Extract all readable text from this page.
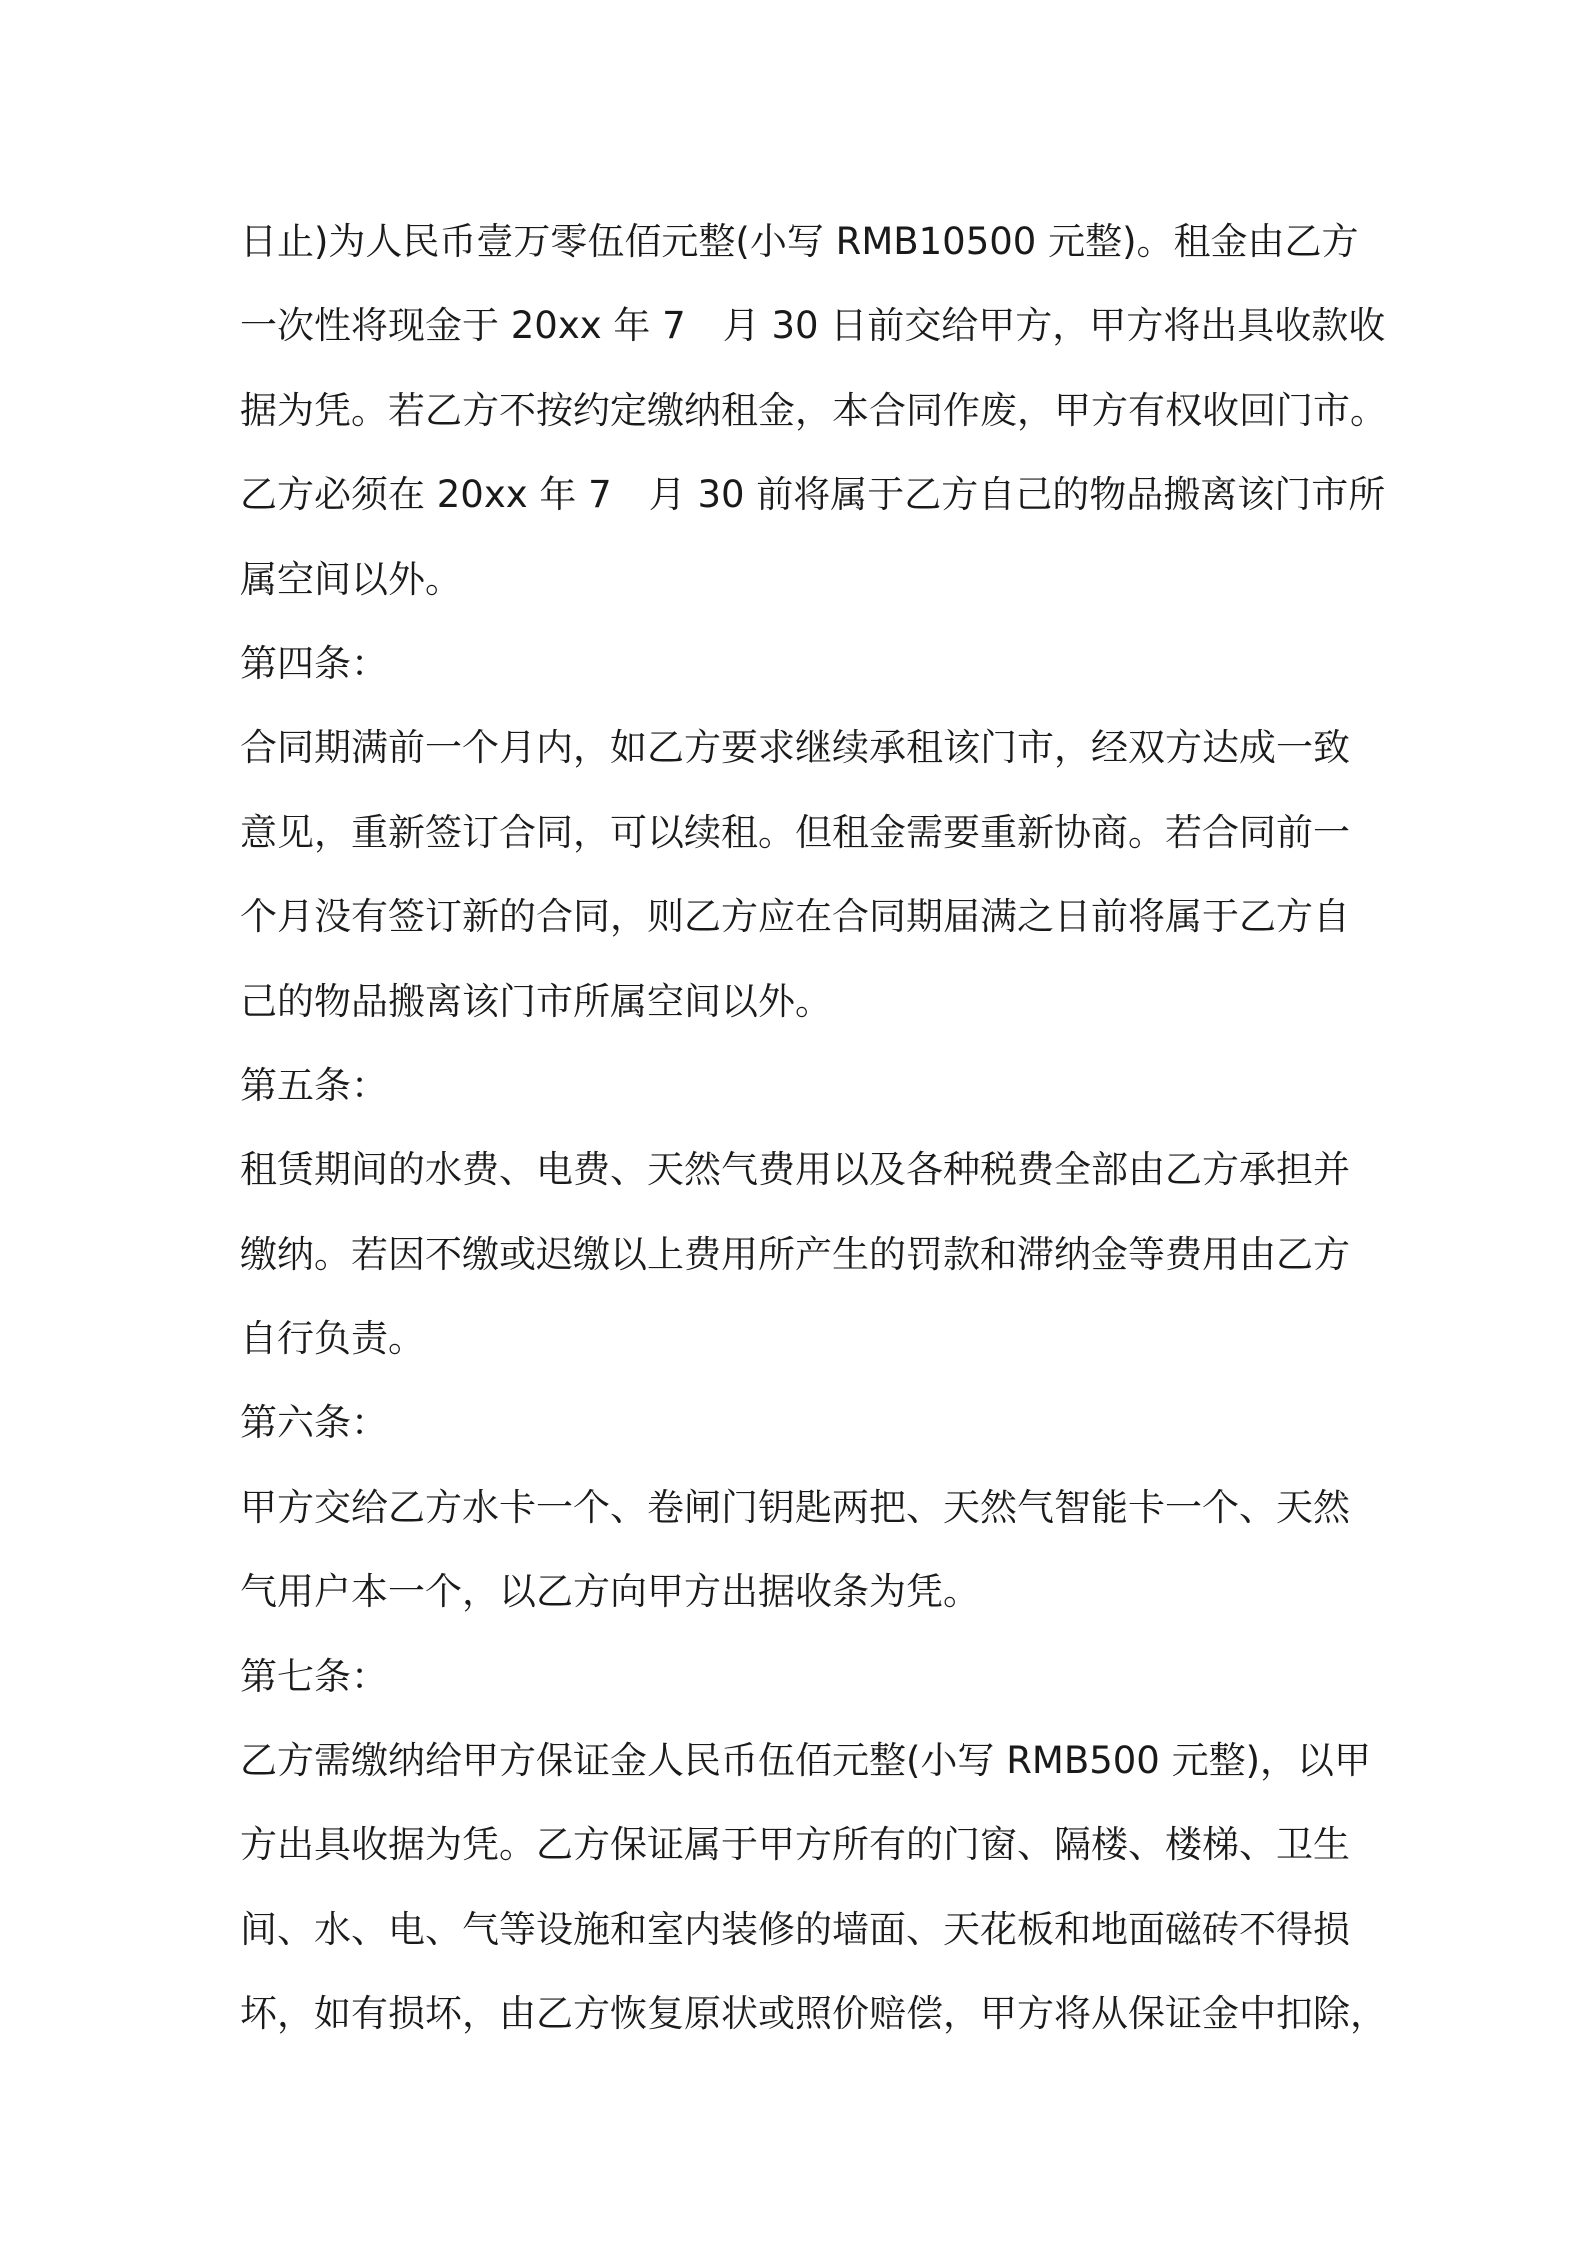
日止)为人民币壹万零伍佰元整(小写 RMB10500 元整)。租金由乙方
一次性将现金于 20xx 年 7　月 30 日前交给甲方，甲方将出具收款收
据为凭。若乙方不按约定缴纳租金，本合同作废，甲方有权收回门市。
乙方必须在 20xx 年 7　月 30 前将属于乙方自己的物品搬离该门市所
属空间以外。
第四条：
合同期满前一个月内，如乙方要求继续承租该门市，经双方达成一致
意见，重新签订合同，可以续租。但租金需要重新协商。若合同前一
个月没有签订新的合同，则乙方应在合同期届满之日前将属于乙方自
己的物品搬离该门市所属空间以外。
第五条：
租赁期间的水费、电费、天然气费用以及各种税费全部由乙方承担并
缴纳。若因不缴或迟缴以上费用所产生的罚款和滞纳金等费用由乙方
自行负责。
第六条：
甲方交给乙方水卡一个、卷闸门钥匙两把、天然气智能卡一个、天然
气用户本一个，以乙方向甲方出据收条为凭。
第七条：
乙方需缴纳给甲方保证金人民币伍佰元整(小写 RMB500 元整)，以甲
方出具收据为凭。乙方保证属于甲方所有的门窗、隔楼、楼梯、卫生
间、水、电、气等设施和室内装修的墙面、天花板和地面磁砖不得损
坏，如有损坏，由乙方恢复原状或照价赔偿，甲方将从保证金中扣除，
